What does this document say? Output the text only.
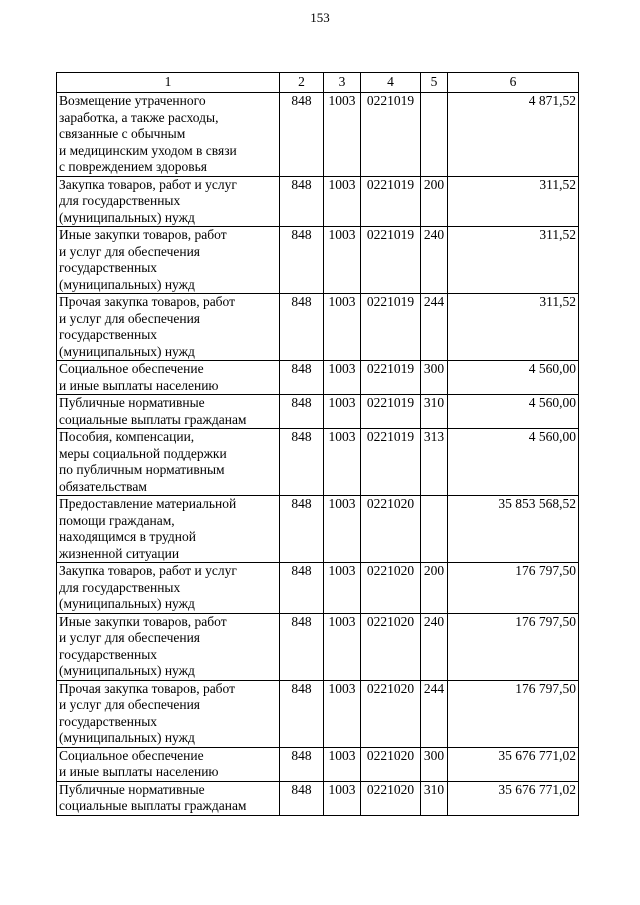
153
1	2	3	4	5	6
Возмещение утраченного
заработка, а также расходы,
связанные с обычным
и медицинским уходом в связи
с повреждением здоровья	848	1003	0221019		4 871,52
Закупка товаров, работ и услуг
для государственных
(муниципальных) нужд	848	1003	0221019	200	311,52
Иные закупки товаров, работ
и услуг для обеспечения
государственных
(муниципальных) нужд	848	1003	0221019	240	311,52
Прочая закупка товаров, работ
и услуг для обеспечения
государственных
(муниципальных) нужд	848	1003	0221019	244	311,52
Социальное обеспечение
и иные выплаты населению	848	1003	0221019	300	4 560,00
Публичные нормативные
социальные выплаты гражданам	848	1003	0221019	310	4 560,00
Пособия, компенсации,
меры социальной поддержки
по публичным нормативным
обязательствам	848	1003	0221019	313	4 560,00
Предоставление материальной
помощи гражданам,
находящимся в трудной
жизненной ситуации	848	1003	0221020		35 853 568,52
Закупка товаров, работ и услуг
для государственных
(муниципальных) нужд	848	1003	0221020	200	176 797,50
Иные закупки товаров, работ
и услуг для обеспечения
государственных
(муниципальных) нужд	848	1003	0221020	240	176 797,50
Прочая закупка товаров, работ
и услуг для обеспечения
государственных
(муниципальных) нужд	848	1003	0221020	244	176 797,50
Социальное обеспечение
и иные выплаты населению	848	1003	0221020	300	35 676 771,02
Публичные нормативные
социальные выплаты гражданам	848	1003	0221020	310	35 676 771,02
